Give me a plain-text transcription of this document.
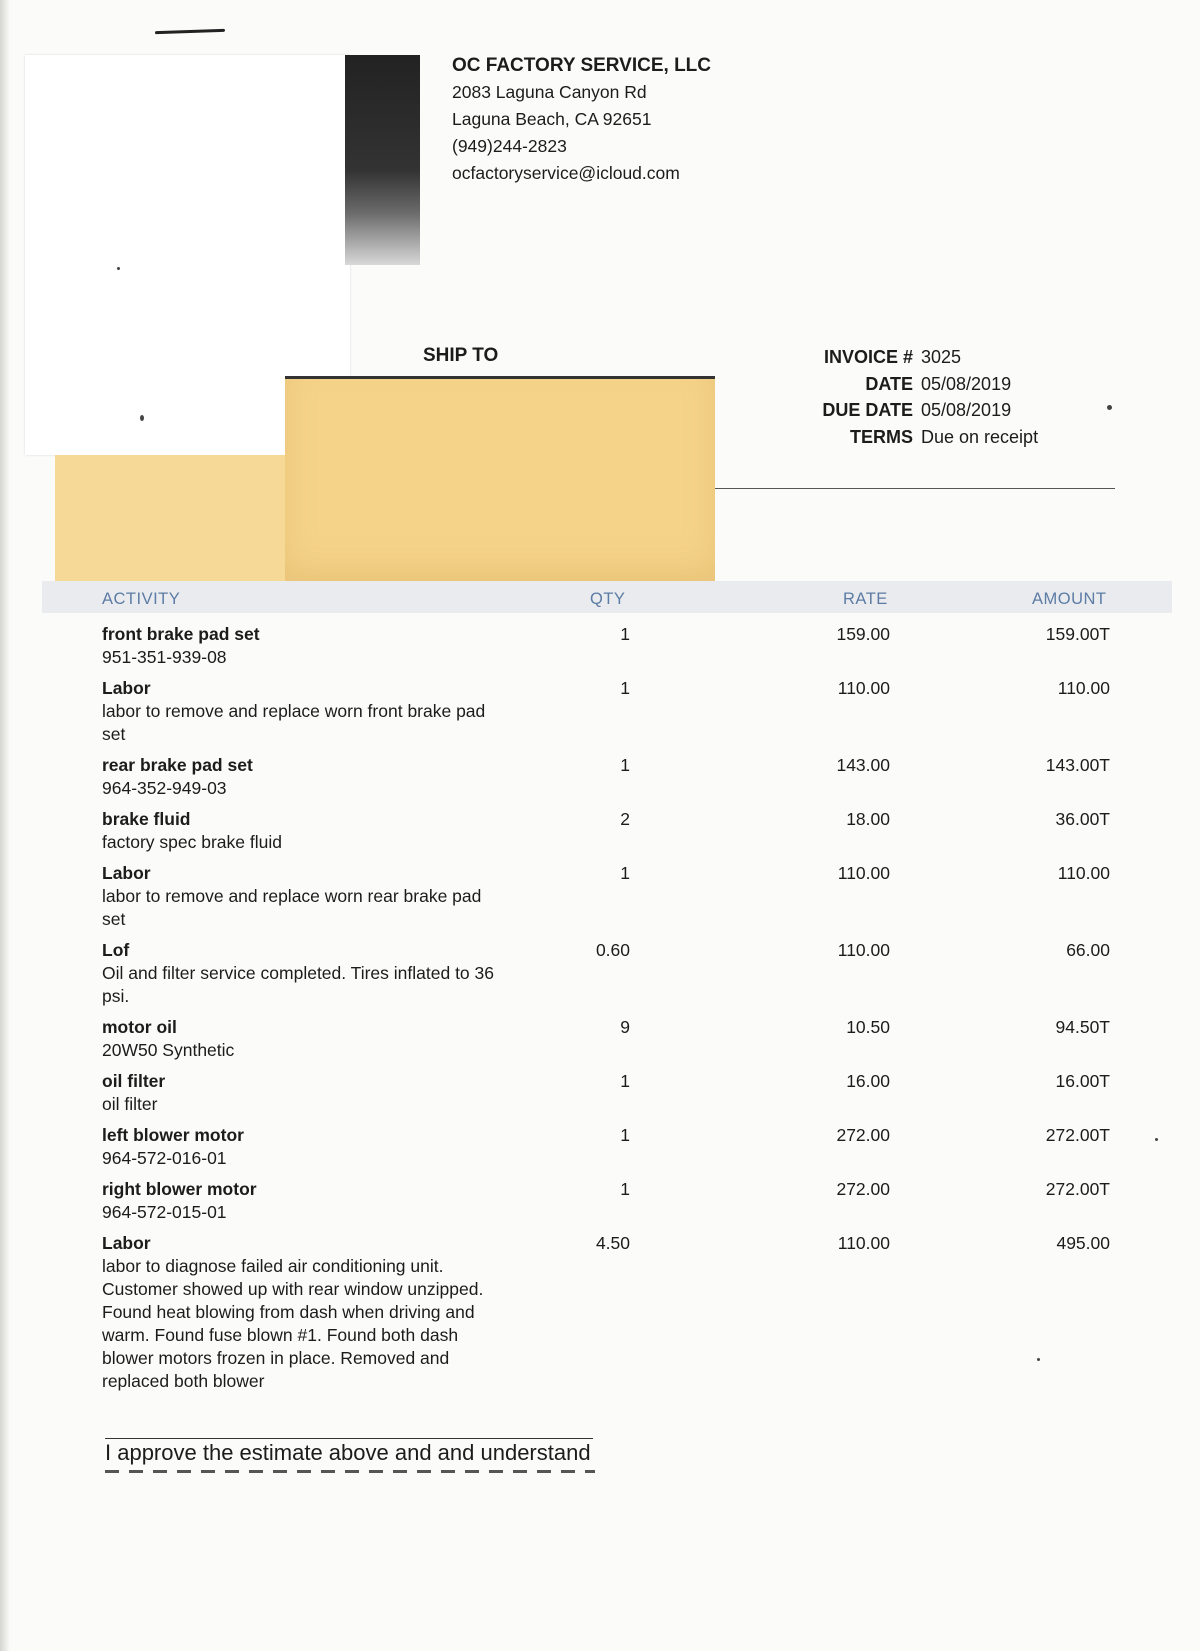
OC FACTORY SERVICE, LLC
2083 Laguna Canyon Rd
Laguna Beach, CA 92651
(949)244-2823
ocfactoryservice@icloud.com
SHIP TO	INVOICE # 3025
DATE 05/08/2019
DUE DATE 05/08/2019
TERMS Due on receipt
ACTIVITY	QTY	RATE	AMOUNT
front brake pad set
951-351-939-08
1	159.00	159.00T
Labor
labor to remove and replace worn front brake pad set
1	110.00	110.00
rear brake pad set
964-352-949-03
1	143.00	143.00T
brake fluid
factory spec brake fluid
2	18.00	36.00T
Labor
labor to remove and replace worn rear brake pad set
1	110.00	110.00
Lof
Oil and filter service completed. Tires inflated to 36 psi.
0.60	110.00	66.00
motor oil
20W50 Synthetic
9	10.50	94.50T
oil filter
oil filter
1	16.00	16.00T
left blower motor
964-572-016-01
1	272.00	272.00T
right blower motor
964-572-015-01
1	272.00	272.00T
Labor
labor to diagnose failed air conditioning unit. Customer showed up with rear window unzipped. Found heat blowing from dash when driving and warm. Found fuse blown #1. Found both dash blower motors frozen in place. Removed and replaced both blower
4.50	110.00	495.00
I approve the estimate above and and understand
